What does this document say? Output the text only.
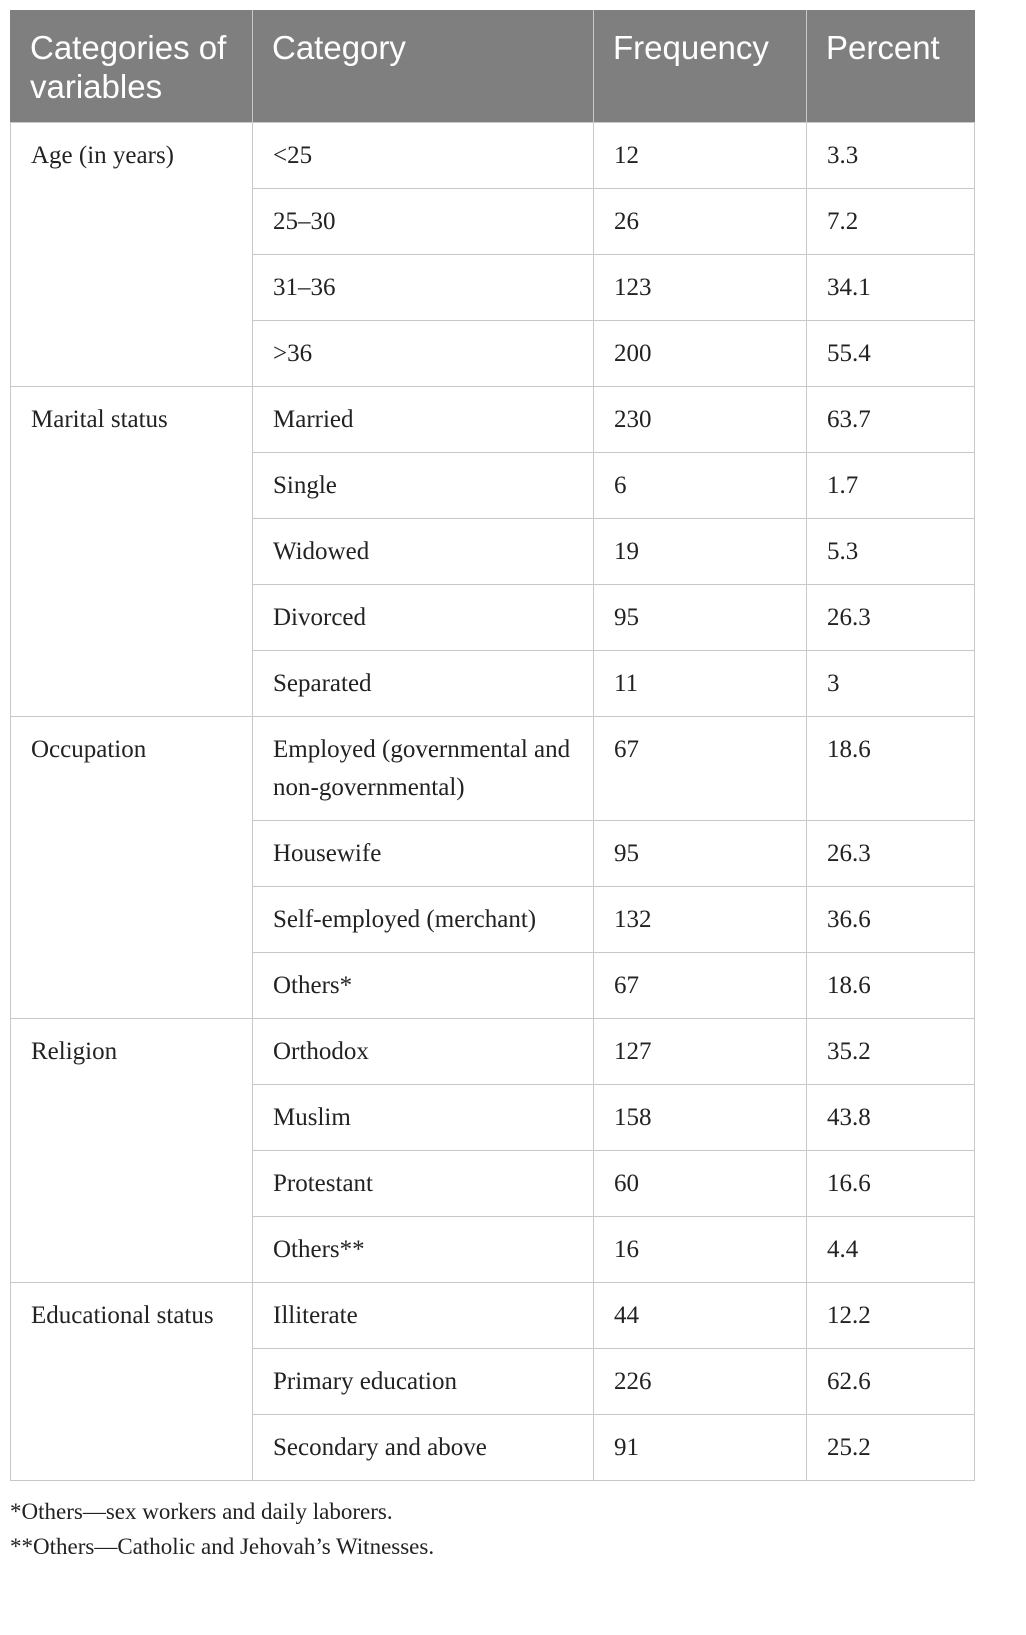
Categories of variables	Category	Frequency	Percent
Age (in years)	<25	12	3.3
	25–30	26	7.2
	31–36	123	34.1
	>36	200	55.4
Marital status	Married	230	63.7
	Single	6	1.7
	Widowed	19	5.3
	Divorced	95	26.3
	Separated	11	3
Occupation	Employed (governmental and non-governmental)	67	18.6
	Housewife	95	26.3
	Self-employed (merchant)	132	36.6
	Others*	67	18.6
Religion	Orthodox	127	35.2
	Muslim	158	43.8
	Protestant	60	16.6
	Others**	16	4.4
Educational status	Illiterate	44	12.2
	Primary education	226	62.6
	Secondary and above	91	25.2
*Others—sex workers and daily laborers.
**Others—Catholic and Jehovah’s Witnesses.
